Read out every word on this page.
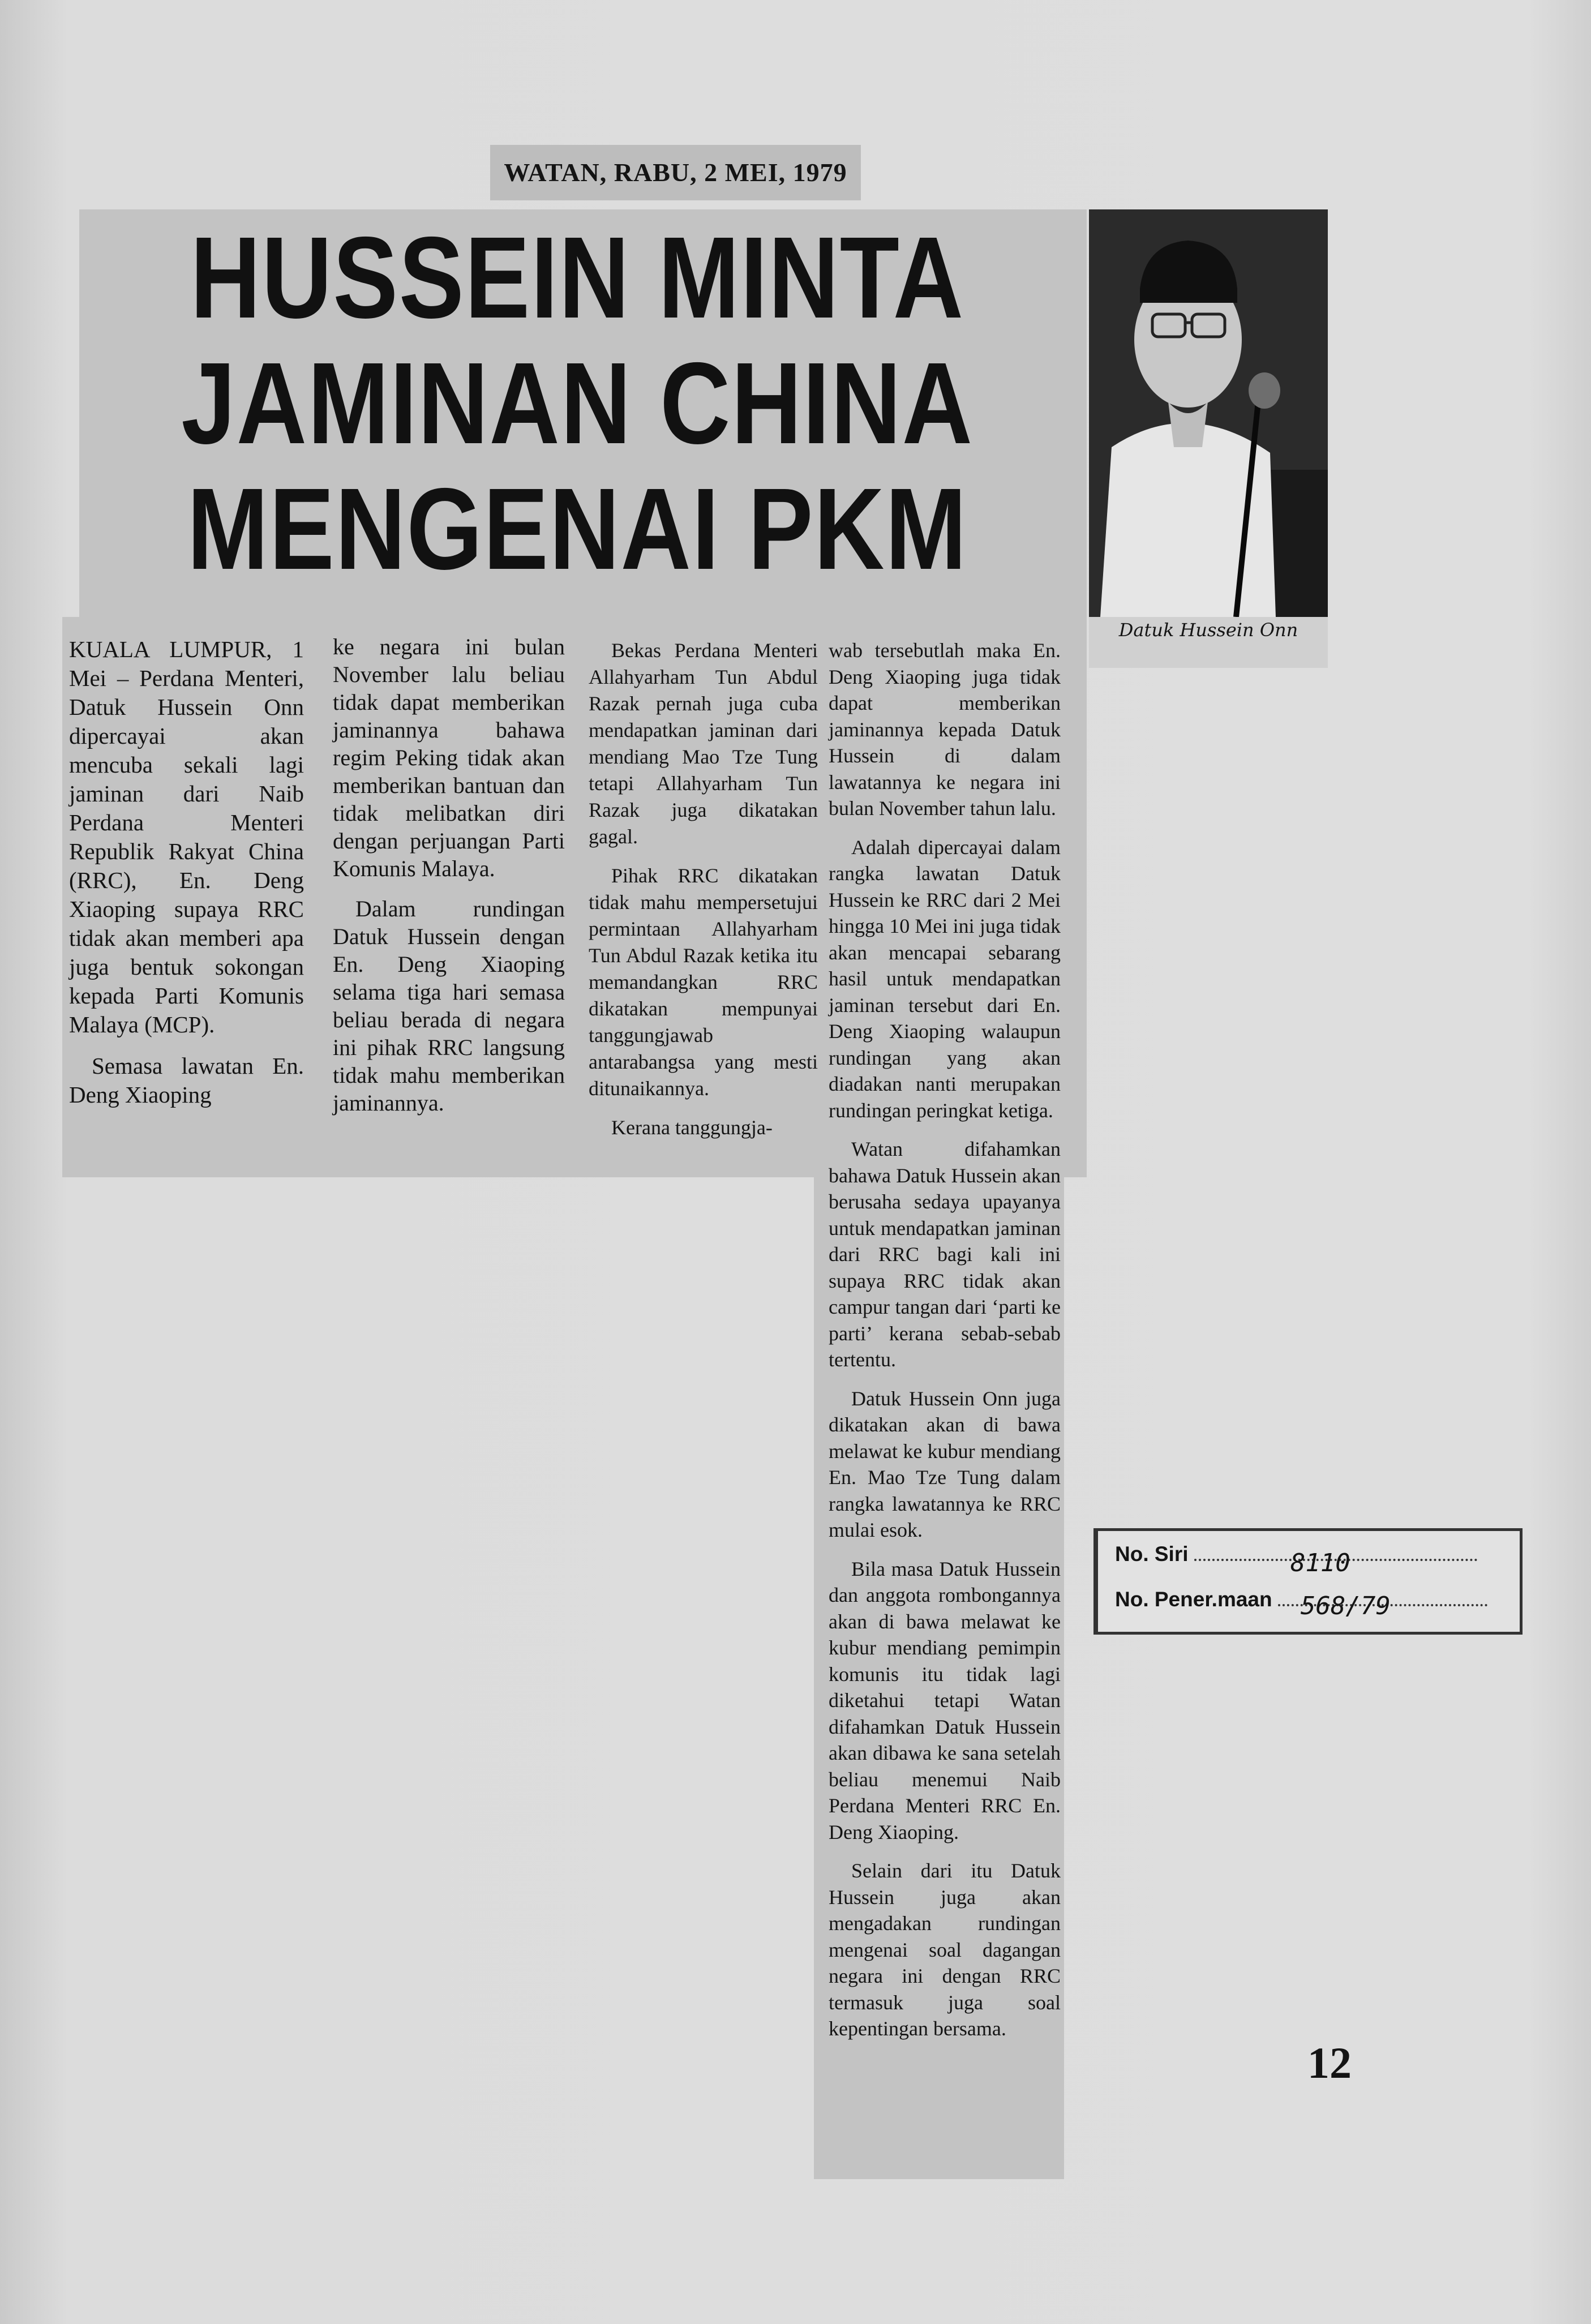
WATAN, RABU, 2 MEI, 1979
HUSSEIN MINTA
JAMINAN CHINA
MENGENAI PKM
Datuk Hussein Onn

KUALA LUMPUR, 1 Mei – Perdana Menteri, Datuk Hussein Onn dipercayai akan mencuba sekali lagi jaminan dari Naib Perdana Menteri Republik Rakyat China (RRC), En. Deng Xiaoping supaya RRC tidak akan memberi apa juga bentuk sokongan kepada Parti Komunis Malaya (MCP).

Semasa lawatan En. Deng Xiaoping

ke negara ini bulan November lalu beliau tidak dapat memberikan jaminannya bahawa regim Peking tidak akan memberikan bantuan dan tidak melibatkan diri dengan perjuangan Parti Komunis Malaya.

Dalam rundingan Datuk Hussein dengan En. Deng Xiaoping selama tiga hari semasa beliau berada di negara ini pihak RRC langsung tidak mahu memberikan jaminannya.

Bekas Perdana Menteri Allahyarham Tun Abdul Razak pernah juga cuba mendapatkan jaminan dari mendiang Mao Tze Tung tetapi Allahyarham Tun Razak juga dikatakan gagal.

Pihak RRC dikatakan tidak mahu mempersetujui permintaan Allahyarham Tun Abdul Razak ketika itu memandangkan RRC dikatakan mempunyai tanggungjawab antarabangsa yang mesti ditunaikannya.

Kerana tanggungja-

wab tersebutlah maka En. Deng Xiaoping juga tidak dapat memberikan jaminannya kepada Datuk Hussein di dalam lawatannya ke negara ini bulan November tahun lalu.

Adalah dipercayai dalam rangka lawatan Datuk Hussein ke RRC dari 2 Mei hingga 10 Mei ini juga tidak akan mencapai sebarang hasil untuk mendapatkan jaminan tersebut dari En. Deng Xiaoping walaupun rundingan yang akan diadakan nanti merupakan rundingan peringkat ketiga.

Watan difahamkan bahawa Datuk Hussein akan berusaha sedaya upayanya untuk mendapatkan jaminan dari RRC bagi kali ini supaya RRC tidak akan campur tangan dari ‘parti ke parti’ kerana sebab-sebab tertentu.

Datuk Hussein Onn juga dikatakan akan di bawa melawat ke kubur mendiang En. Mao Tze Tung dalam rangka lawatannya ke RRC mulai esok.

Bila masa Datuk Hussein dan anggota rombongannya akan di bawa melawat ke kubur mendiang pemimpin komunis itu tidak lagi diketahui tetapi Watan difahamkan Datuk Hussein akan dibawa ke sana setelah beliau menemui Naib Perdana Menteri RRC En. Deng Xiaoping.

Selain dari itu Datuk Hussein juga akan mengadakan rundingan mengenai soal dagangan negara ini dengan RRC termasuk juga soal kepentingan bersama.

No. Siri	8110
No. Pener.maan 568/79
12
